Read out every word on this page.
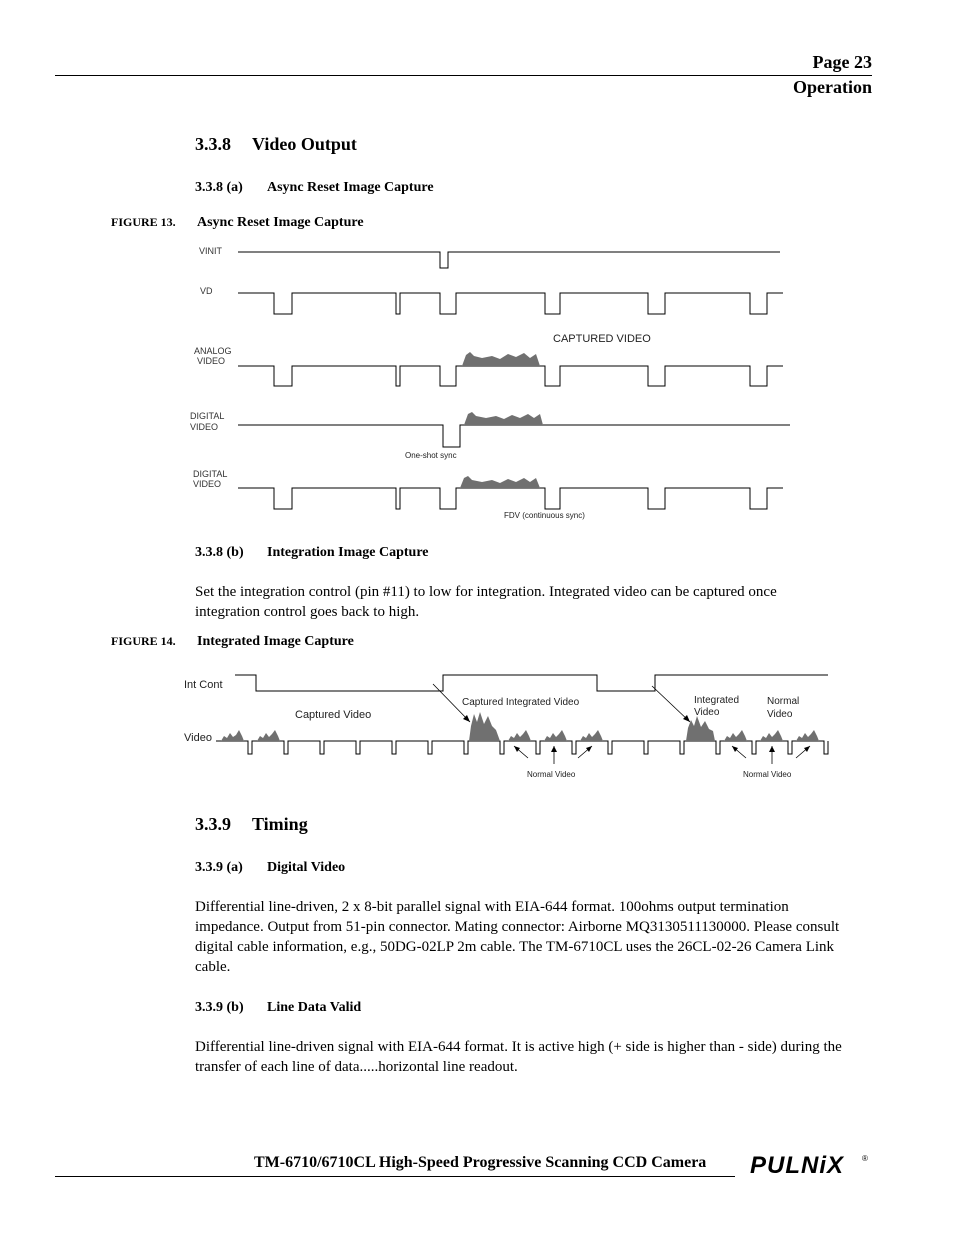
Page 23
Operation
3.3.8 Video Output
3.3.8 (a) Async Reset Image Capture
FIGURE 13. Async Reset Image Capture
VINIT
VD
ANALOG
VIDEO
DIGITAL
VIDEO
DIGITAL
VIDEO
CAPTURED VIDEO
One-shot sync
FDV (continuous sync)
3.3.8 (b) Integration Image Capture
Set the integration control (pin #11) to low for integration. Integrated video can be captured once integration control goes back to high.
FIGURE 14. Integrated Image Capture
Int Cont
Video
Captured Video
Captured Integrated Video	Integrated
Video
Normal
Video
Normal Video	Normal Video
3.3.9 Timing
3.3.9 (a) Digital Video
Differential line-driven, 2 x 8-bit parallel signal with EIA-644 format. 100ohms output termination impedance. Output from 51-pin connector. Mating connector: Airborne MQ3130511130000. Please consult digital cable information, e.g., 50DG-02LP 2m cable. The TM-6710CL uses the 26CL-02-26 Camera Link cable.
3.3.9 (b) Line Data Valid
Differential line-driven signal with EIA-644 format. It is active high (+ side is higher than - side) during the transfer of each line of data.....horizontal line readout.
TM-6710/6710CL High-Speed Progressive Scanning CCD Camera PULNiX ®
